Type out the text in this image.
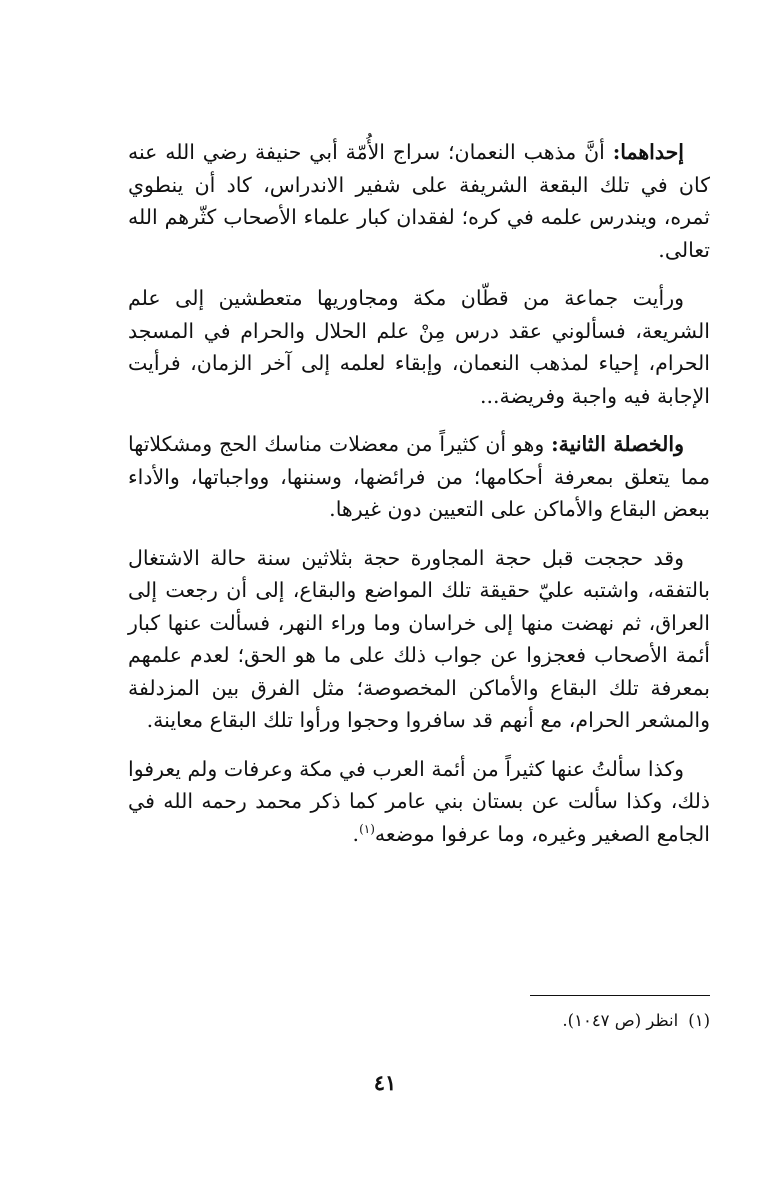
إحداهما: أنَّ مذهب النعمان؛ سراج الأُمّة أبي حنيفة رضي الله عنه كان في تلك البقعة الشريفة على شفير الاندراس، كاد أن ينطوي ثمره، ويندرس علمه في كره؛ لفقدان كبار علماء الأصحاب كثّرهم الله تعالى.

ورأيت جماعة من قطّان مكة ومجاوريها متعطشين إلى علم الشريعة، فسألوني عقد درس مِنْ علم الحلال والحرام في المسجد الحرام، إحياء لمذهب النعمان، وإبقاء لعلمه إلى آخر الزمان، فرأيت الإجابة فيه واجبة وفريضة...

والخصلة الثانية: وهو أن كثيراً من معضلات مناسك الحج ومشكلاتها مما يتعلق بمعرفة أحكامها؛ من فرائضها، وسننها، وواجباتها، والأداء ببعض البقاع والأماكن على التعيين دون غيرها.

وقد حججت قبل حجة المجاورة حجة بثلاثين سنة حالة الاشتغال بالتفقه، واشتبه عليّ حقيقة تلك المواضع والبقاع، إلى أن رجعت إلى العراق، ثم نهضت منها إلى خراسان وما وراء النهر، فسألت عنها كبار أئمة الأصحاب فعجزوا عن جواب ذلك على ما هو الحق؛ لعدم علمهم بمعرفة تلك البقاع والأماكن المخصوصة؛ مثل الفرق بين المزدلفة والمشعر الحرام، مع أنهم قد سافروا وحجوا ورأوا تلك البقاع معاينة.

وكذا سألتُ عنها كثيراً من أئمة العرب في مكة وعرفات ولم يعرفوا ذلك، وكذا سألت عن بستان بني عامر كما ذكر محمد رحمه الله في الجامع الصغير وغيره، وما عرفوا موضعه$^{(١)}$.

(١)انظر (ص ١٠٤٧).
٤١
